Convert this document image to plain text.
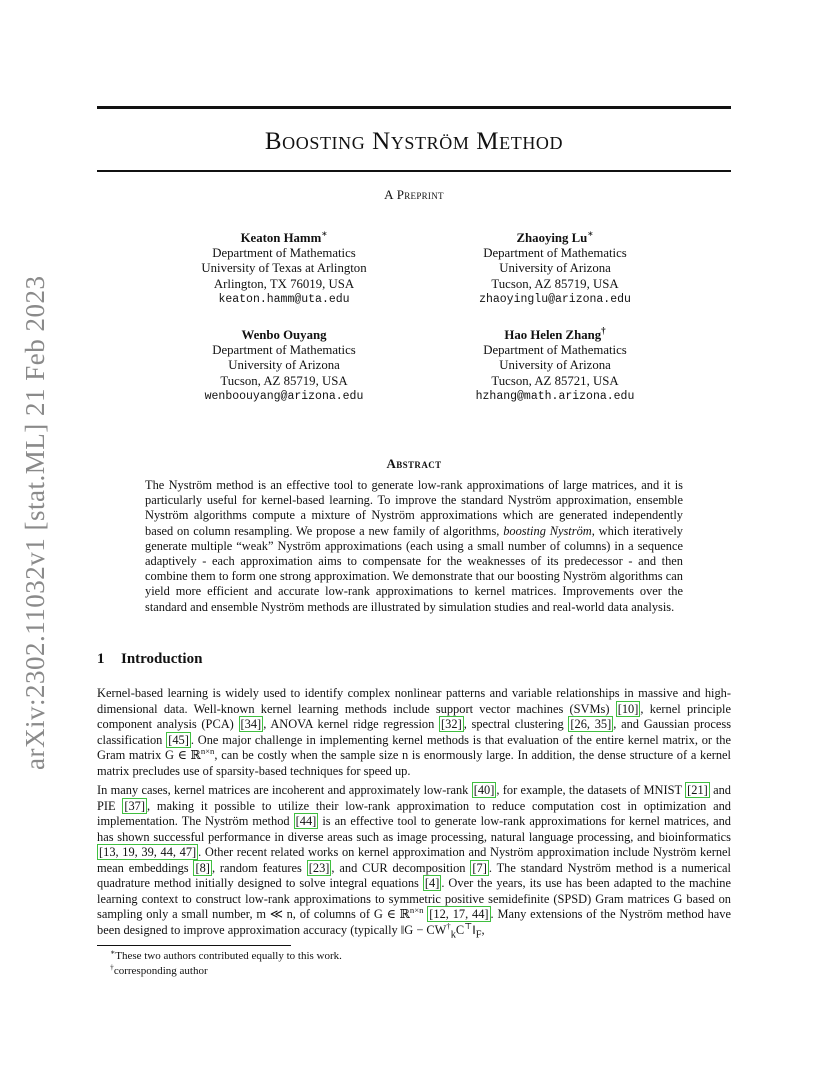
arXiv:2302.11032v1 [stat.ML] 21 Feb 2023
Boosting Nyström Method
A Preprint
Keaton Hamm∗
Department of Mathematics
University of Texas at Arlington
Arlington, TX 76019, USA
keaton.hamm@uta.edu
Zhaoying Lu∗
Department of Mathematics
University of Arizona
Tucson, AZ 85719, USA
zhaoyinglu@arizona.edu
Wenbo Ouyang
Department of Mathematics
University of Arizona
Tucson, AZ 85719, USA
wenboouyang@arizona.edu
Hao Helen Zhang†
Department of Mathematics
University of Arizona
Tucson, AZ 85721, USA
hzhang@math.arizona.edu
Abstract
The Nyström method is an effective tool to generate low-rank approximations of large matrices, and it is particularly useful for kernel-based learning. To improve the standard Nyström approximation, ensemble Nyström algorithms compute a mixture of Nyström approximations which are generated independently based on column resampling. We propose a new family of algorithms, boosting Nyström, which iteratively generate multiple “weak” Nyström approximations (each using a small number of columns) in a sequence adaptively - each approximation aims to compensate for the weaknesses of its predecessor - and then combine them to form one strong approximation. We demonstrate that our boosting Nyström algorithms can yield more efficient and accurate low-rank approximations to kernel matrices. Improvements over the standard and ensemble Nyström methods are illustrated by simulation studies and real-world data analysis.
1 Introduction
Kernel-based learning is widely used to identify complex nonlinear patterns and variable relationships in massive and high-dimensional data. Well-known kernel learning methods include support vector machines (SVMs) [10] , kernel principle component analysis (PCA) [34] , ANOVA kernel ridge regression [32] , spectral clustering [26, 35] , and Gaussian process classification [45] . One major challenge in implementing kernel methods is that evaluation of the entire kernel matrix, or the Gram matrix G ∈ ℝ$^{n\times n}$, can be costly when the sample size n is enormously large. In addition, the dense structure of a kernel matrix precludes use of sparsity-based techniques for speed up.
In many cases, kernel matrices are incoherent and approximately low-rank [40] , for example, the datasets of MNIST [21] and PIE [37] , making it possible to utilize their low-rank approximation to reduce computation cost in optimization and implementation. The Nyström method [44] is an effective tool to generate low-rank approximations for kernel matrices, and has shown successful performance in diverse areas such as image processing, natural language processing, and bioinformatics [13, 19, 39, 44, 47] . Other recent related works on kernel approximation and Nyström approximation include Nyström kernel mean embeddings [8] , random features [23] , and CUR decomposition [7] . The standard Nyström method is a numerical quadrature method initially designed to solve integral equations [4] . Over the years, its use has been adapted to the machine learning context to construct low-rank approximations to symmetric positive semidefinite (SPSD) Gram matrices G based on sampling only a small number, m ≪ n, of columns of G ∈ ℝ$^{n\times n}$ [12, 17, 44] . Many extensions of the Nyström method have been designed to improve approximation accuracy (typically ‖G − $CW^\dagger_kC^⊤‖_F$,
∗These two authors contributed equally to this work.
†corresponding author
